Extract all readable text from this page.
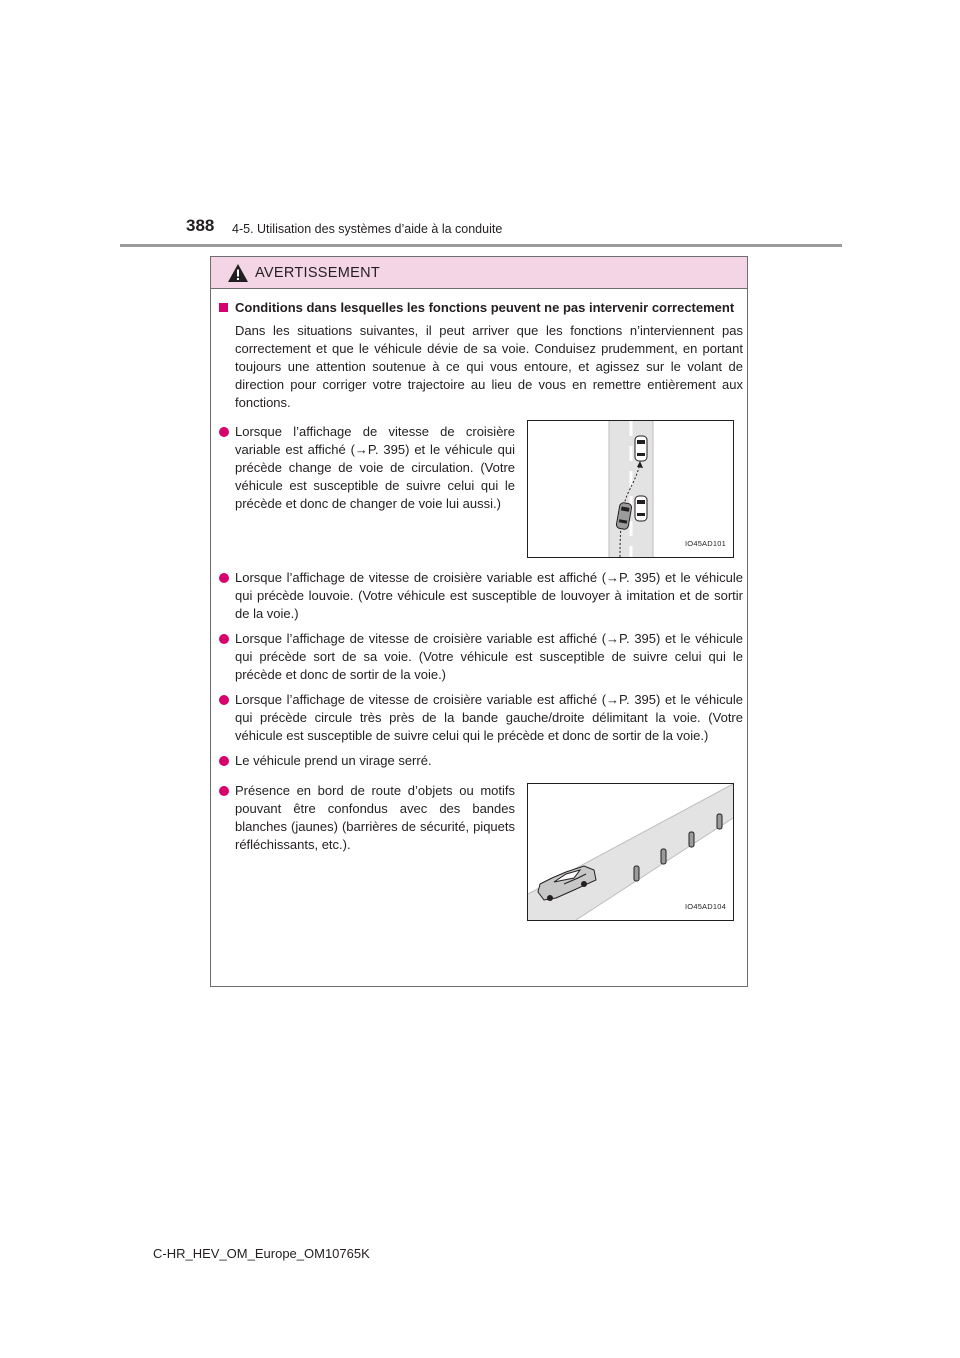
388 4-5. Utilisation des systèmes d’aide à la conduite
AVERTISSEMENT
Conditions dans lesquelles les fonctions peuvent ne pas intervenir correctement
Dans les situations suivantes, il peut arriver que les fonctions n’interviennent pas correctement et que le véhicule dévie de sa voie. Conduisez prudemment, en portant toujours une attention soutenue à ce qui vous entoure, et agissez sur le volant de direction pour corriger votre trajectoire au lieu de vous en remettre entièrement aux fonctions.
Lorsque l’affichage de vitesse de croisière variable est affiché (→P. 395) et le véhicule qui précède change de voie de circulation. (Votre véhicule est susceptible de suivre celui qui le précède et donc de changer de voie lui aussi.)
IO45AD101
Lorsque l’affichage de vitesse de croisière variable est affiché (→P. 395) et le véhicule qui précède louvoie. (Votre véhicule est susceptible de louvoyer à imitation et de sortir de la voie.)
Lorsque l’affichage de vitesse de croisière variable est affiché (→P. 395) et le véhicule qui précède sort de sa voie. (Votre véhicule est susceptible de suivre celui qui le précède et donc de sortir de la voie.)
Lorsque l’affichage de vitesse de croisière variable est affiché (→P. 395) et le véhicule qui précède circule très près de la bande gauche/droite délimitant la voie. (Votre véhicule est susceptible de suivre celui qui le précède et donc de sortir de la voie.)
Le véhicule prend un virage serré.
Présence en bord de route d’objets ou motifs pouvant être confondus avec des bandes blanches (jaunes) (barrières de sécurité, piquets réfléchissants, etc.).
IO45AD104
C-HR_HEV_OM_Europe_OM10765K
